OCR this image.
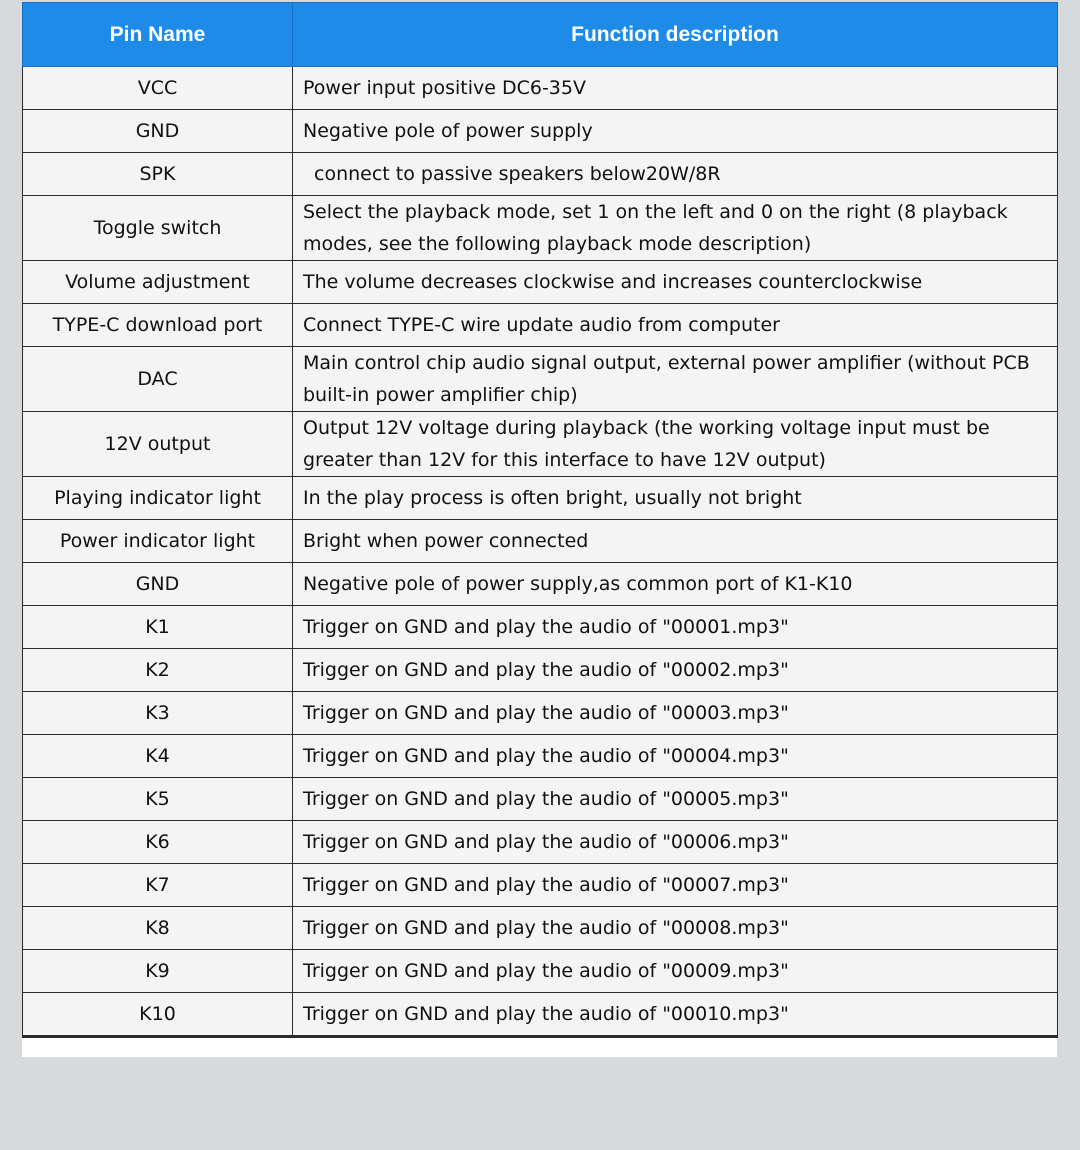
Pin Name	Function description
VCC	Power input positive DC6-35V
GND	Negative pole of power supply
SPK	connect to passive speakers below20W/8R
Toggle switch	Select the playback mode, set 1 on the left and 0 on the right (8 playback modes, see the following playback mode description)
Volume adjustment	The volume decreases clockwise and increases counterclockwise
TYPE-C download port	Connect TYPE-C wire update audio from computer
DAC	Main control chip audio signal output, external power amplifier (without PCB built-in power amplifier chip)
12V output	Output 12V voltage during playback (the working voltage input must be greater than 12V for this interface to have 12V output)
Playing indicator light	In the play process is often bright, usually not bright
Power indicator light	Bright when power connected
GND	Negative pole of power supply,as common port of K1-K10
K1	Trigger on GND and play the audio of "00001.mp3"
K2	Trigger on GND and play the audio of "00002.mp3"
K3	Trigger on GND and play the audio of "00003.mp3"
K4	Trigger on GND and play the audio of "00004.mp3"
K5	Trigger on GND and play the audio of "00005.mp3"
K6	Trigger on GND and play the audio of "00006.mp3"
K7	Trigger on GND and play the audio of "00007.mp3"
K8	Trigger on GND and play the audio of "00008.mp3"
K9	Trigger on GND and play the audio of "00009.mp3"
K10	Trigger on GND and play the audio of "00010.mp3"
